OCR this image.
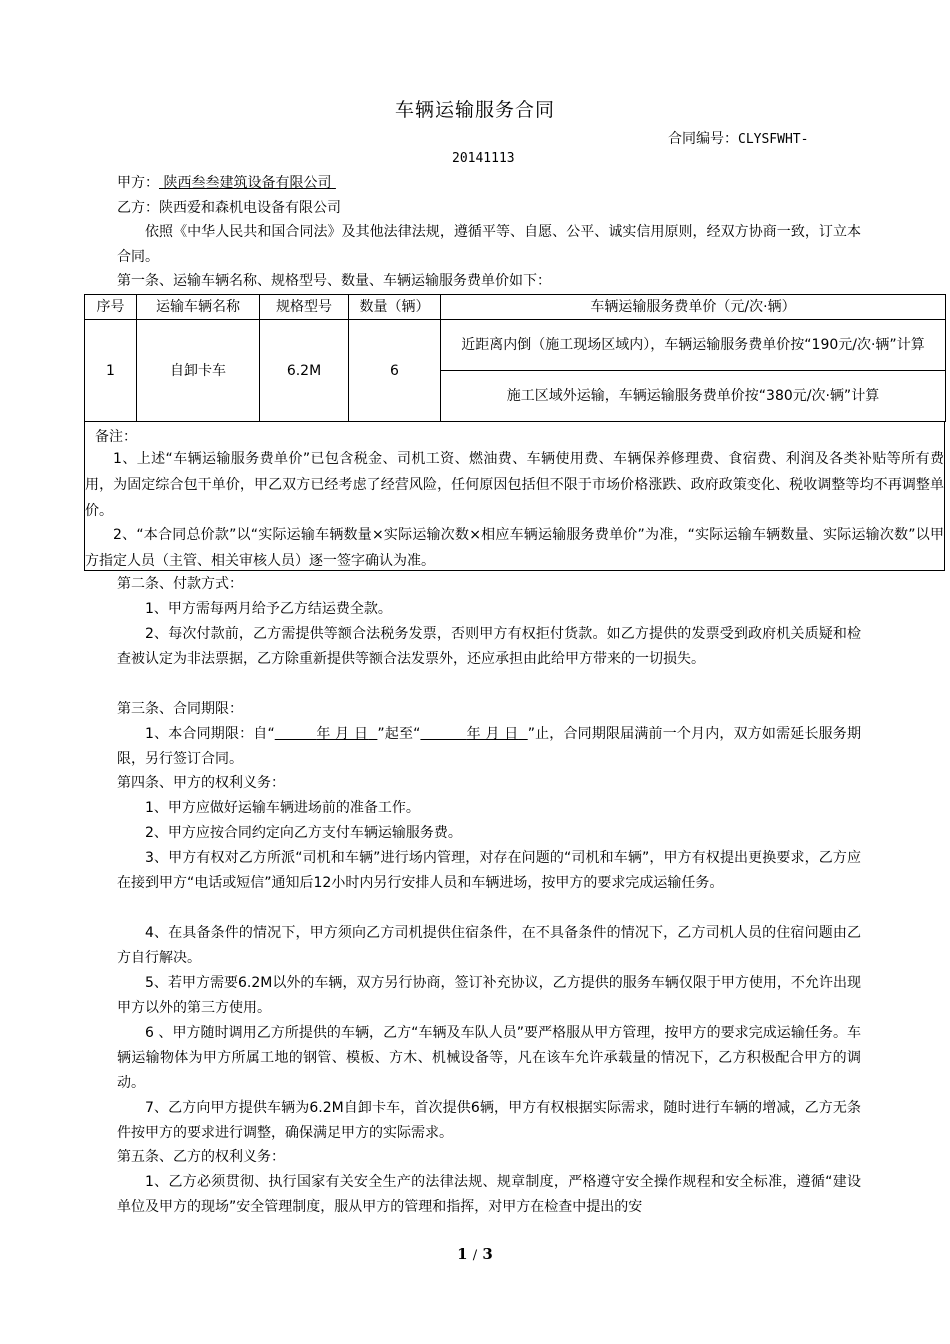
车辆运输服务合同
合同编号：CLYSFWHT-
20141113
甲方： 陕西叁叁建筑设备有限公司
乙方：陕西爱和森机电设备有限公司
依照《中华人民共和国合同法》及其他法律法规，遵循平等、自愿、公平、诚实信用原则，经双方协商一致，订立本合同。
第一条、运输车辆名称、规格型号、数量、车辆运输服务费单价如下：
序号	运输车辆名称	规格型号	数量（辆）	车辆运输服务费单价（元/次·辆）
1	自卸卡车	6.2M	6	近距离内倒（施工现场区域内），车辆运输服务费单价按“190元/次·辆”计算
				施工区域外运输，车辆运输服务费单价按“380元/次·辆”计算
备注：
1、上述“车辆运输服务费单价”已包含税金、司机工资、燃油费、车辆使用费、车辆保养修理费、食宿费、利润及各类补贴等所有费用，为固定综合包干单价，甲乙双方已经考虑了经营风险，任何原因包括但不限于市场价格涨跌、政府政策变化、税收调整等均不再调整单价。
2、“本合同总价款”以“实际运输车辆数量×实际运输次数×相应车辆运输服务费单价”为准，“实际运输车辆数量、实际运输次数”以甲方指定人员（主管、相关审核人员）逐一签字确认为准。
第二条、付款方式：
1、甲方需每两月给予乙方结运费全款。
2、每次付款前，乙方需提供等额合法税务发票，否则甲方有权拒付货款。如乙方提供的发票受到政府机关质疑和检查被认定为非法票据，乙方除重新提供等额合法发票外，还应承担由此给甲方带来的一切损失。
第三条、合同期限：
1、本合同期限：自“	年 月 日 ”起至“	年 月 日 ”止，合同期限届满前一个月内，双方如需延长服务期限，另行签订合同。
第四条、甲方的权利义务：
1、甲方应做好运输车辆进场前的准备工作。
2、甲方应按合同约定向乙方支付车辆运输服务费。
3、甲方有权对乙方所派“司机和车辆”进行场内管理，对存在问题的“司机和车辆”，甲方有权提出更换要求，乙方应在接到甲方“电话或短信”通知后12小时内另行安排人员和车辆进场，按甲方的要求完成运输任务。
4、在具备条件的情况下，甲方须向乙方司机提供住宿条件，在不具备条件的情况下，乙方司机人员的住宿问题由乙方自行解决。
5、若甲方需要6.2M以外的车辆，双方另行协商，签订补充协议，乙方提供的服务车辆仅限于甲方使用，不允许出现甲方以外的第三方使用。
6 、甲方随时调用乙方所提供的车辆，乙方“车辆及车队人员”要严格服从甲方管理，按甲方的要求完成运输任务。车辆运输物体为甲方所属工地的钢管、模板、方木、机械设备等，凡在该车允许承载量的情况下，乙方积极配合甲方的调动。
7、乙方向甲方提供车辆为6.2M自卸卡车，首次提供6辆，甲方有权根据实际需求，随时进行车辆的增减，乙方无条件按甲方的要求进行调整，确保满足甲方的实际需求。
第五条、乙方的权利义务：
1、乙方必须贯彻、执行国家有关安全生产的法律法规、规章制度，严格遵守安全操作规程和安全标准，遵循“建设单位及甲方的现场”安全管理制度，服从甲方的管理和指挥，对甲方在检查中提出的安
1 / 3
